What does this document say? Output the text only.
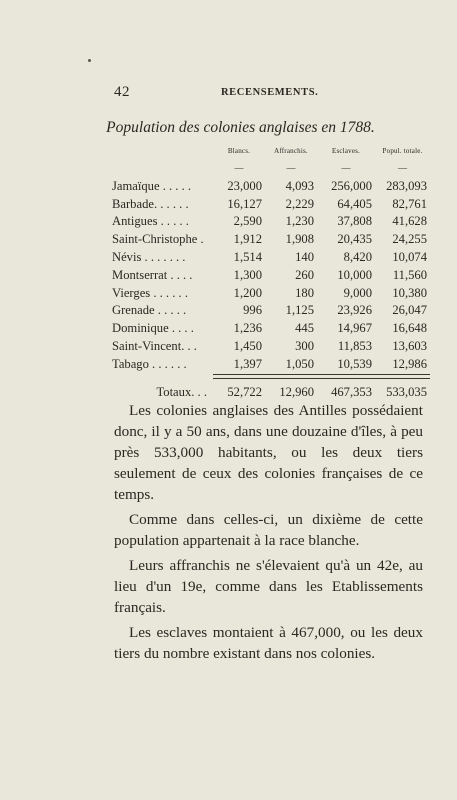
42	RECENSEMENTS.
Population des colonies anglaises en 1788.
	Blancs.	Affranchis.	Esclaves.	Popul. totale.
	—	—	—	—
Jamaïque . . . . .	23,000	4,093	256,000	283,093
Barbade. . . . . .	16,127	2,229	64,405	82,761
Antigues . . . . .	2,590	1,230	37,808	41,628
Saint-Christophe .	1,912	1,908	20,435	24,255
Névis . . . . . . .	1,514	140	8,420	10,074
Montserrat . . . .	1,300	260	10,000	11,560
Vierges . . . . . .	1,200	180	9,000	10,380
Grenade . . . . .	996	1,125	23,926	26,047
Dominique . . . .	1,236	445	14,967	16,648
Saint-Vincent. . .	1,450	300	11,853	13,603
Tabago . . . . . .	1,397	1,050	10,539	12,986

Totaux. . .	52,722	12,960	467,353	533,035

Les colonies anglaises des Antilles possédaient donc, il y a 50 ans, dans une douzaine d'îles, à peu près 533,000 habitants, ou les deux tiers seulement de ceux des colonies françaises de ce temps.

Comme dans celles-ci, un dixième de cette population appartenait à la race blanche.

Leurs affranchis ne s'élevaient qu'à un 42e, au lieu d'un 19e, comme dans les Etablissements français.

Les esclaves montaient à 467,000, ou les deux tiers du nombre existant dans nos colonies.
